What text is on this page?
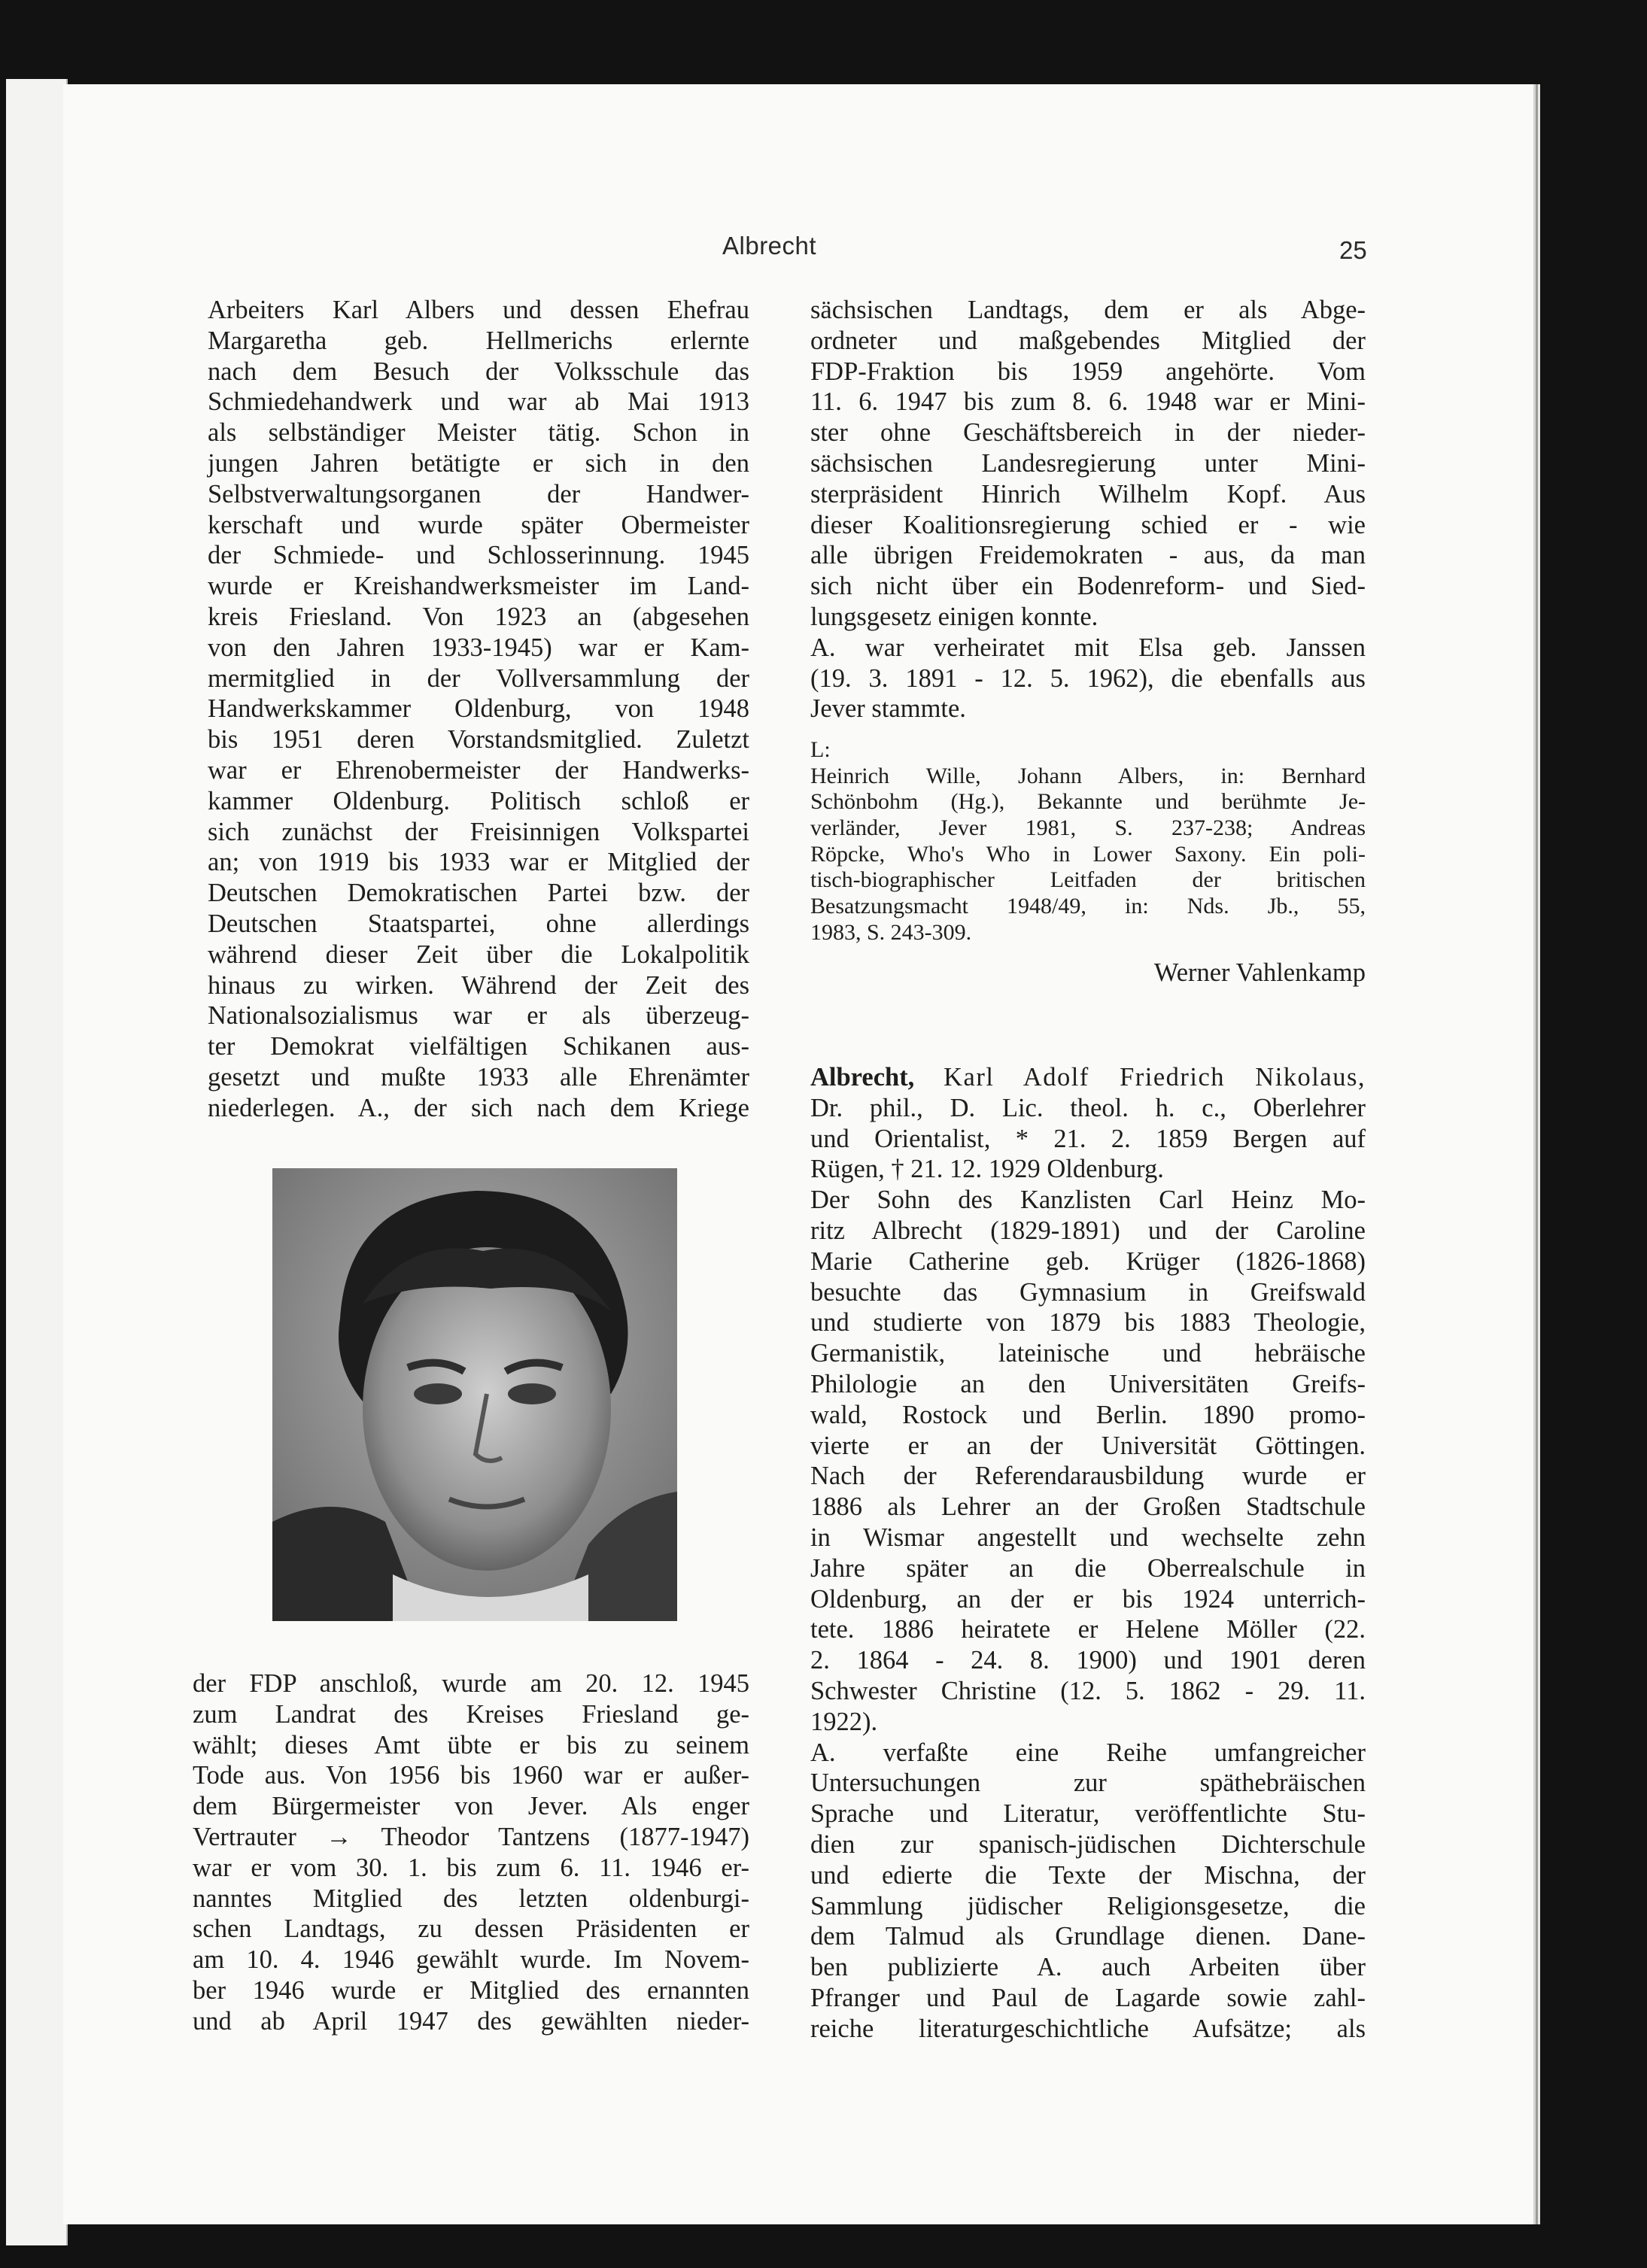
Albrecht	25
Arbeiters Karl Albers und dessen Ehefrau
Margaretha geb. Hellmerichs erlernte
nach dem Besuch der Volksschule das
Schmiedehandwerk und war ab Mai 1913
als selbständiger Meister tätig. Schon in
jungen Jahren betätigte er sich in den
Selbstverwaltungsorganen der Handwer-
kerschaft und wurde später Obermeister
der Schmiede- und Schlosserinnung. 1945
wurde er Kreishandwerksmeister im Land-
kreis Friesland. Von 1923 an (abgesehen
von den Jahren 1933-1945) war er Kam-
mermitglied in der Vollversammlung der
Handwerkskammer Oldenburg, von 1948
bis 1951 deren Vorstandsmitglied. Zuletzt
war er Ehrenobermeister der Handwerks-
kammer Oldenburg. Politisch schloß er
sich zunächst der Freisinnigen Volkspartei
an; von 1919 bis 1933 war er Mitglied der
Deutschen Demokratischen Partei bzw. der
Deutschen Staatspartei, ohne allerdings
während dieser Zeit über die Lokalpolitik
hinaus zu wirken. Während der Zeit des
Nationalsozialismus war er als überzeug-
ter Demokrat vielfältigen Schikanen aus-
gesetzt und mußte 1933 alle Ehrenämter
niederlegen. A., der sich nach dem Kriege
der FDP anschloß, wurde am 20. 12. 1945
zum Landrat des Kreises Friesland ge-
wählt; dieses Amt übte er bis zu seinem
Tode aus. Von 1956 bis 1960 war er außer-
dem Bürgermeister von Jever. Als enger
Vertrauter → Theodor Tantzens (1877-1947)
war er vom 30. 1. bis zum 6. 11. 1946 er-
nanntes Mitglied des letzten oldenburgi-
schen Landtags, zu dessen Präsidenten er
am 10. 4. 1946 gewählt wurde. Im Novem-
ber 1946 wurde er Mitglied des ernannten
und ab April 1947 des gewählten nieder-
sächsischen Landtags, dem er als Abge-
ordneter und maßgebendes Mitglied der
FDP-Fraktion bis 1959 angehörte. Vom
11. 6. 1947 bis zum 8. 6. 1948 war er Mini-
ster ohne Geschäftsbereich in der nieder-
sächsischen Landesregierung unter Mini-
sterpräsident Hinrich Wilhelm Kopf. Aus
dieser Koalitionsregierung schied er - wie
alle übrigen Freidemokraten - aus, da man
sich nicht über ein Bodenreform- und Sied-
lungsgesetz einigen konnte.
A. war verheiratet mit Elsa geb. Janssen
(19. 3. 1891 - 12. 5. 1962), die ebenfalls aus
Jever stammte.
L:
Heinrich Wille, Johann Albers, in: Bernhard
Schönbohm (Hg.), Bekannte und berühmte Je-
verländer, Jever 1981, S. 237-238; Andreas
Röpcke, Who's Who in Lower Saxony. Ein poli-
tisch-biographischer Leitfaden der britischen
Besatzungsmacht 1948/49, in: Nds. Jb., 55,
1983, S. 243-309.
Werner Vahlenkamp
Albrecht, Karl Adolf Friedrich Nikolaus,
Dr. phil., D. Lic. theol. h. c., Oberlehrer
und Orientalist, * 21. 2. 1859 Bergen auf
Rügen, † 21. 12. 1929 Oldenburg.
Der Sohn des Kanzlisten Carl Heinz Mo-
ritz Albrecht (1829-1891) und der Caroline
Marie Catherine geb. Krüger (1826-1868)
besuchte das Gymnasium in Greifswald
und studierte von 1879 bis 1883 Theologie,
Germanistik, lateinische und hebräische
Philologie an den Universitäten Greifs-
wald, Rostock und Berlin. 1890 promo-
vierte er an der Universität Göttingen.
Nach der Referendarausbildung wurde er
1886 als Lehrer an der Großen Stadtschule
in Wismar angestellt und wechselte zehn
Jahre später an die Oberrealschule in
Oldenburg, an der er bis 1924 unterrich-
tete. 1886 heiratete er Helene Möller (22.
2. 1864 - 24. 8. 1900) und 1901 deren
Schwester Christine (12. 5. 1862 - 29. 11.
1922).
A. verfaßte eine Reihe umfangreicher
Untersuchungen zur späthebräischen
Sprache und Literatur, veröffentlichte Stu-
dien zur spanisch-jüdischen Dichterschule
und edierte die Texte der Mischna, der
Sammlung jüdischer Religionsgesetze, die
dem Talmud als Grundlage dienen. Dane-
ben publizierte A. auch Arbeiten über
Pfranger und Paul de Lagarde sowie zahl-
reiche literaturgeschichtliche Aufsätze; als
